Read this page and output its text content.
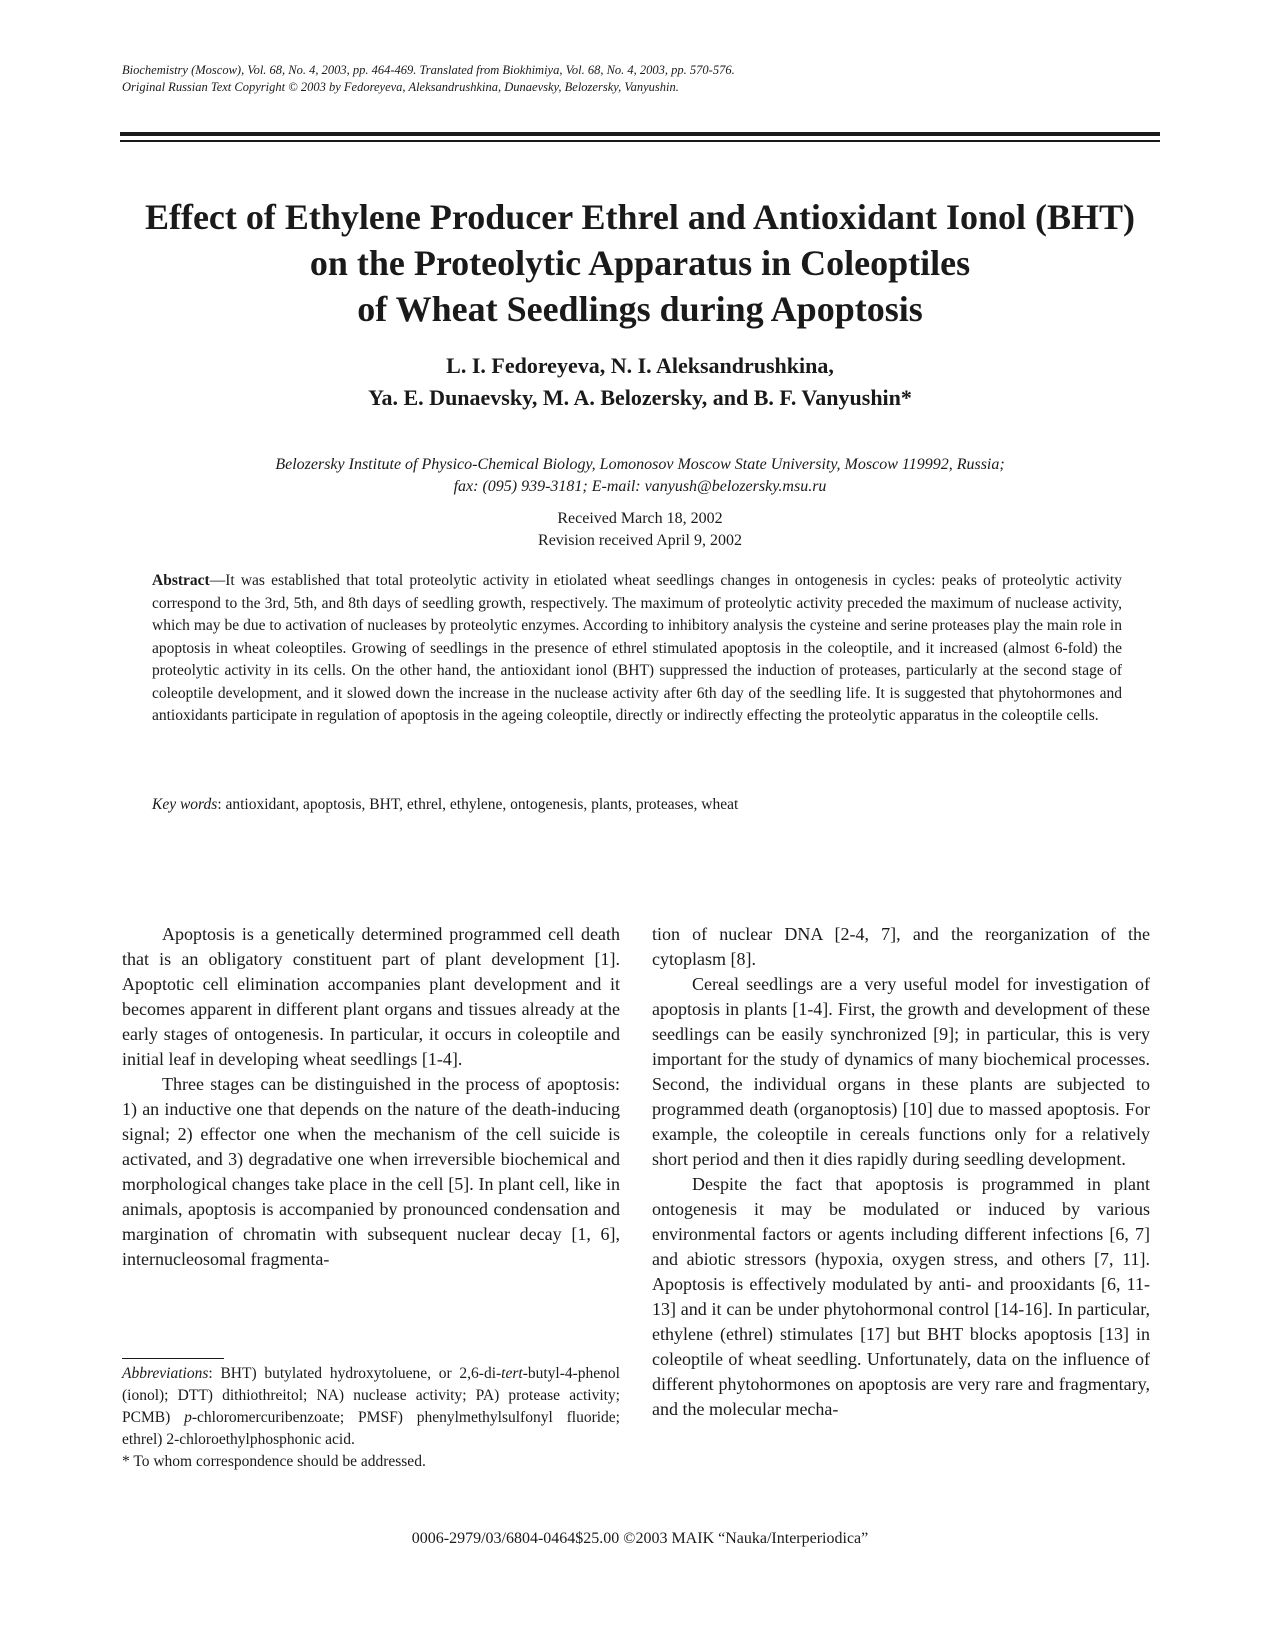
Biochemistry (Moscow), Vol. 68, No. 4, 2003, pp. 464-469. Translated from Biokhimiya, Vol. 68, No. 4, 2003, pp. 570-576.
Original Russian Text Copyright © 2003 by Fedoreyeva, Aleksandrushkina, Dunaevsky, Belozersky, Vanyushin.
Effect of Ethylene Producer Ethrel and Antioxidant Ionol (BHT)
on the Proteolytic Apparatus in Coleoptiles
of Wheat Seedlings during Apoptosis
L. I. Fedoreyeva, N. I. Aleksandrushkina,
Ya. E. Dunaevsky, M. A. Belozersky, and B. F. Vanyushin*
Belozersky Institute of Physico-Chemical Biology, Lomonosov Moscow State University, Moscow 119992, Russia;
fax: (095) 939-3181; E-mail: vanyush@belozersky.msu.ru
Received March 18, 2002
Revision received April 9, 2002
Abstract—It was established that total proteolytic activity in etiolated wheat seedlings changes in ontogenesis in cycles: peaks of proteolytic activity correspond to the 3rd, 5th, and 8th days of seedling growth, respectively. The maximum of proteolytic activity preceded the maximum of nuclease activity, which may be due to activation of nucleases by proteolytic enzymes. According to inhibitory analysis the cysteine and serine proteases play the main role in apoptosis in wheat coleoptiles. Growing of seedlings in the presence of ethrel stimulated apoptosis in the coleoptile, and it increased (almost 6-fold) the proteolytic activity in its cells. On the other hand, the antioxidant ionol (BHT) suppressed the induction of proteases, particularly at the second stage of coleoptile development, and it slowed down the increase in the nuclease activity after 6th day of the seedling life. It is suggested that phytohormones and antioxidants participate in regulation of apoptosis in the ageing coleoptile, directly or indirectly effecting the proteolytic apparatus in the coleoptile cells.
Key words: antioxidant, apoptosis, BHT, ethrel, ethylene, ontogenesis, plants, proteases, wheat

Apoptosis is a genetically determined programmed cell death that is an obligatory constituent part of plant development [1]. Apoptotic cell elimination accompanies plant development and it becomes apparent in different plant organs and tissues already at the early stages of ontogenesis. In particular, it occurs in coleoptile and initial leaf in developing wheat seedlings [1-4].

Three stages can be distinguished in the process of apoptosis: 1) an inductive one that depends on the nature of the death-inducing signal; 2) effector one when the mechanism of the cell suicide is activated, and 3) degradative one when irreversible biochemical and morphological changes take place in the cell [5]. In plant cell, like in animals, apoptosis is accompanied by pronounced condensation and margination of chromatin with subsequent nuclear decay [1, 6], internucleosomal fragmenta-

Abbreviations: BHT) butylated hydroxytoluene, or 2,6-di-tert-butyl-4-phenol (ionol); DTT) dithiothreitol; NA) nuclease activity; PA) protease activity; PCMB) p-chloromercuribenzoate; PMSF) phenylmethylsulfonyl fluoride; ethrel) 2-chloroethylphosphonic acid.

* To whom correspondence should be addressed.

tion of nuclear DNA [2-4, 7], and the reorganization of the cytoplasm [8].

Cereal seedlings are a very useful model for investigation of apoptosis in plants [1-4]. First, the growth and development of these seedlings can be easily synchronized [9]; in particular, this is very important for the study of dynamics of many biochemical processes. Second, the individual organs in these plants are subjected to programmed death (organoptosis) [10] due to massed apoptosis. For example, the coleoptile in cereals functions only for a relatively short period and then it dies rapidly during seedling development.

Despite the fact that apoptosis is programmed in plant ontogenesis it may be modulated or induced by various environmental factors or agents including different infections [6, 7] and abiotic stressors (hypoxia, oxygen stress, and others [7, 11]. Apoptosis is effectively modulated by anti- and prooxidants [6, 11-13] and it can be under phytohormonal control [14-16]. In particular, ethylene (ethrel) stimulates [17] but BHT blocks apoptosis [13] in coleoptile of wheat seedling. Unfortunately, data on the influence of different phytohormones on apoptosis are very rare and fragmentary, and the molecular mecha-

0006-2979/03/6804-0464$25.00 ©2003 MAIK “Nauka/Interperiodica”
